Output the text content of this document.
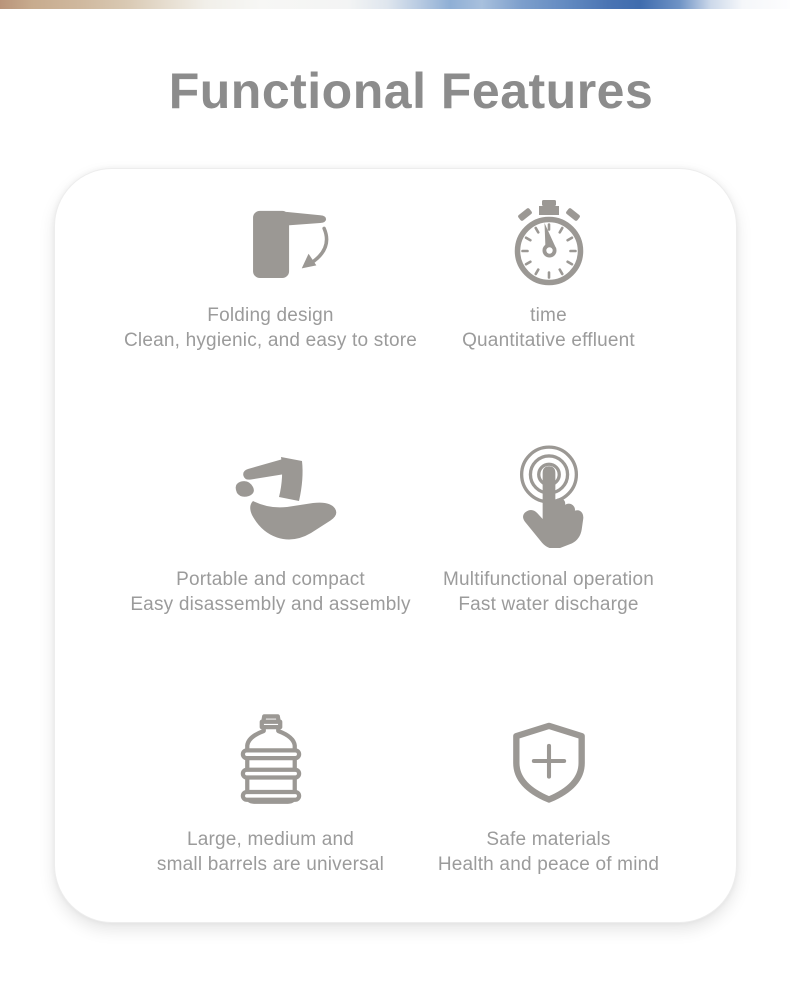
Functional Features
Folding design
Clean, hygienic, and easy to store
time
Quantitative effluent
Portable and compact
Easy disassembly and assembly
Multifunctional operation
Fast water discharge
Large, medium and
small barrels are universal
Safe materials
Health and peace of mind
